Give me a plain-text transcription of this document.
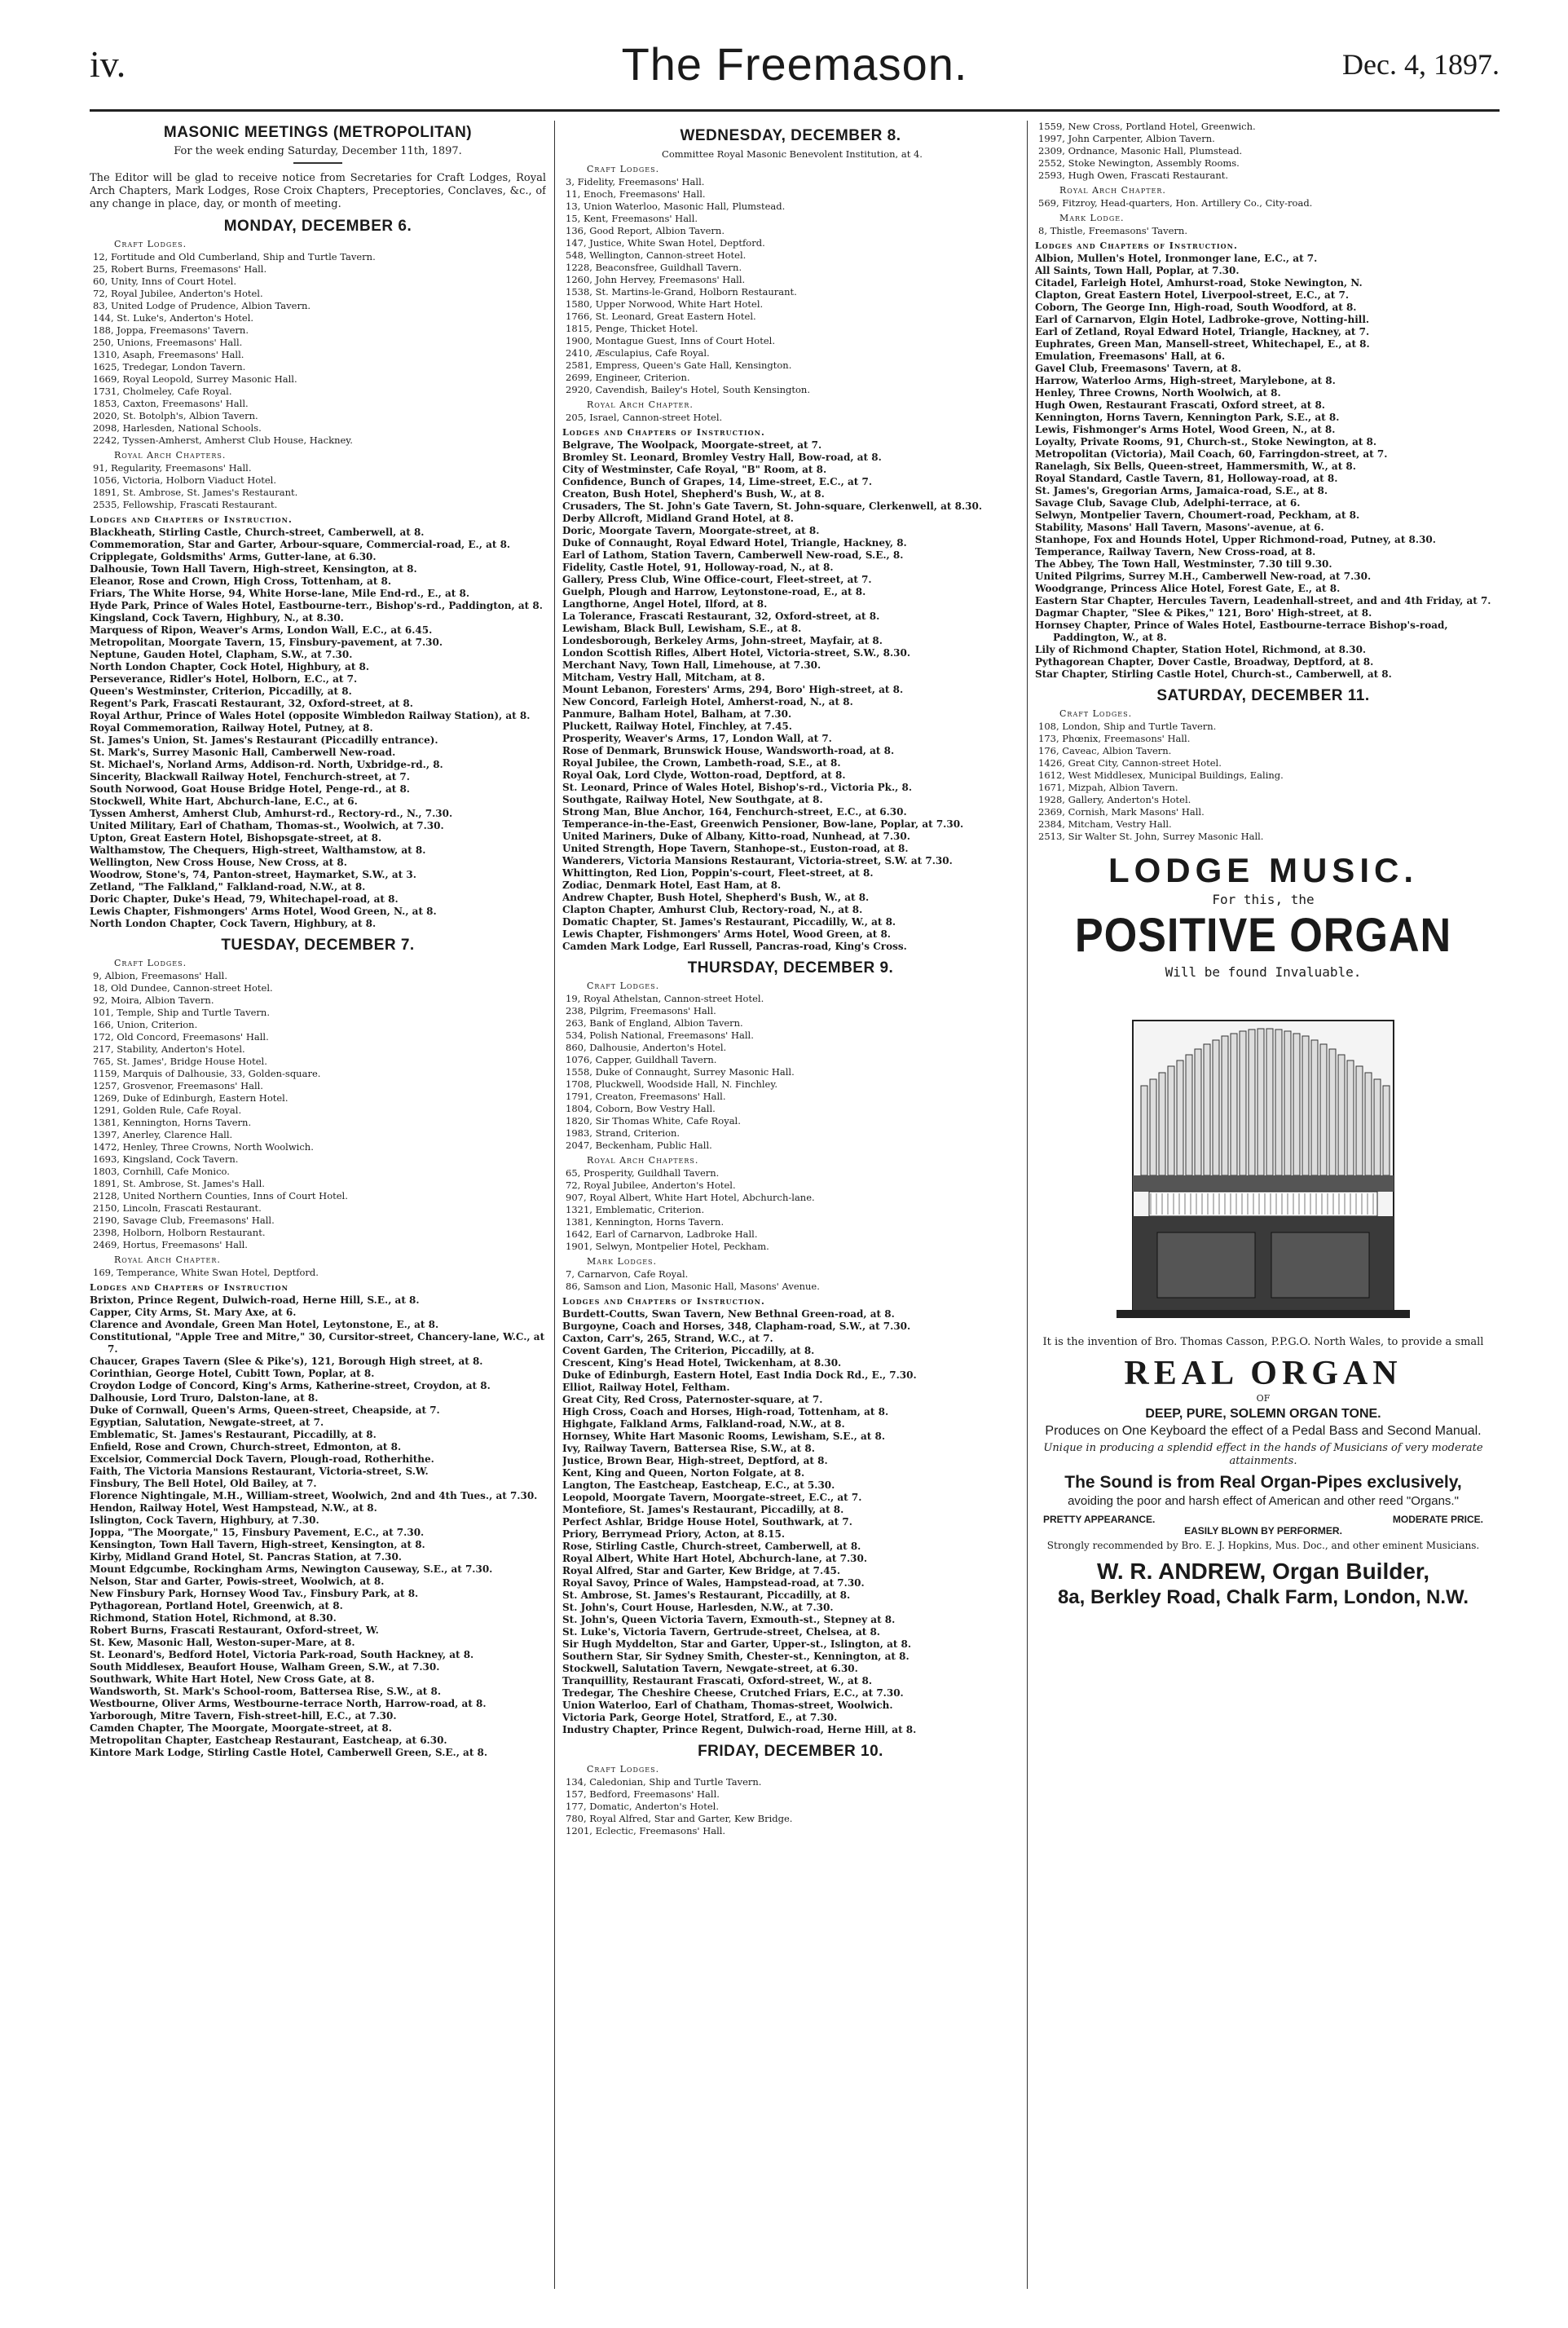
iv.	The Freemason.	Dec. 4, 1897.
MASONIC MEETINGS (METROPOLITAN)
For the week ending Saturday, December 11th, 1897.
The Editor will be glad to receive notice from Secretaries for Craft Lodges, Royal Arch Chapters, Mark Lodges, Rose Croix Chapters, Preceptories, Conclaves, &c., of any change in place, day, or month of meeting.
MONDAY, DECEMBER 6.
Craft Lodges.

12, Fortitude and Old Cumberland, Ship and Turtle Tavern.

25, Robert Burns, Freemasons' Hall.

60, Unity, Inns of Court Hotel.

72, Royal Jubilee, Anderton's Hotel.

83, United Lodge of Prudence, Albion Tavern.

144, St. Luke's, Anderton's Hotel.

188, Joppa, Freemasons' Tavern.

250, Unions, Freemasons' Hall.

1310, Asaph, Freemasons' Hall.

1625, Tredegar, London Tavern.

1669, Royal Leopold, Surrey Masonic Hall.

1731, Cholmeley, Cafe Royal.

1853, Caxton, Freemasons' Hall.

2020, St. Botolph's, Albion Tavern.

2098, Harlesden, National Schools.

2242, Tyssen-Amherst, Amherst Club House, Hackney.

Royal Arch Chapters.

91, Regularity, Freemasons' Hall.

1056, Victoria, Holborn Viaduct Hotel.

1891, St. Ambrose, St. James's Restaurant.

2535, Fellowship, Frascati Restaurant.

Lodges and Chapters of Instruction.

Blackheath, Stirling Castle, Church-street, Camberwell, at 8.

Commemoration, Star and Garter, Arbour-square, Commercial-road, E., at 8.

Cripplegate, Goldsmiths' Arms, Gutter-lane, at 6.30.

Dalhousie, Town Hall Tavern, High-street, Kensington, at 8.

Eleanor, Rose and Crown, High Cross, Tottenham, at 8.

Friars, The White Horse, 94, White Horse-lane, Mile End-rd., E., at 8.

Hyde Park, Prince of Wales Hotel, Eastbourne-terr., Bishop's-rd., Paddington, at 8.

Kingsland, Cock Tavern, Highbury, N., at 8.30.

Marquess of Ripon, Weaver's Arms, London Wall, E.C., at 6.45.

Metropolitan, Moorgate Tavern, 15, Finsbury-pavement, at 7.30.

Neptune, Gauden Hotel, Clapham, S.W., at 7.30.

North London Chapter, Cock Hotel, Highbury, at 8.

Perseverance, Ridler's Hotel, Holborn, E.C., at 7.

Queen's Westminster, Criterion, Piccadilly, at 8.

Regent's Park, Frascati Restaurant, 32, Oxford-street, at 8.

Royal Arthur, Prince of Wales Hotel (opposite Wimbledon Railway Station), at 8.

Royal Commemoration, Railway Hotel, Putney, at 8.

St. James's Union, St. James's Restaurant (Piccadilly entrance).

St. Mark's, Surrey Masonic Hall, Camberwell New-road.

St. Michael's, Norland Arms, Addison-rd. North, Uxbridge-rd., 8.

Sincerity, Blackwall Railway Hotel, Fenchurch-street, at 7.

South Norwood, Goat House Bridge Hotel, Penge-rd., at 8.

Stockwell, White Hart, Abchurch-lane, E.C., at 6.

Tyssen Amherst, Amherst Club, Amhurst-rd., Rectory-rd., N., 7.30.

United Military, Earl of Chatham, Thomas-st., Woolwich, at 7.30.

Upton, Great Eastern Hotel, Bishopsgate-street, at 8.

Walthamstow, The Chequers, High-street, Walthamstow, at 8.

Wellington, New Cross House, New Cross, at 8.

Woodrow, Stone's, 74, Panton-street, Haymarket, S.W., at 3.

Zetland, "The Falkland," Falkland-road, N.W., at 8.

Doric Chapter, Duke's Head, 79, Whitechapel-road, at 8.

Lewis Chapter, Fishmongers' Arms Hotel, Wood Green, N., at 8.

North London Chapter, Cock Tavern, Highbury, at 8.

TUESDAY, DECEMBER 7.
Craft Lodges.

9, Albion, Freemasons' Hall.

18, Old Dundee, Cannon-street Hotel.

92, Moira, Albion Tavern.

101, Temple, Ship and Turtle Tavern.

166, Union, Criterion.

172, Old Concord, Freemasons' Hall.

217, Stability, Anderton's Hotel.

765, St. James', Bridge House Hotel.

1159, Marquis of Dalhousie, 33, Golden-square.

1257, Grosvenor, Freemasons' Hall.

1269, Duke of Edinburgh, Eastern Hotel.

1291, Golden Rule, Cafe Royal.

1381, Kennington, Horns Tavern.

1397, Anerley, Clarence Hall.

1472, Henley, Three Crowns, North Woolwich.

1693, Kingsland, Cock Tavern.

1803, Cornhill, Cafe Monico.

1891, St. Ambrose, St. James's Hall.

2128, United Northern Counties, Inns of Court Hotel.

2150, Lincoln, Frascati Restaurant.

2190, Savage Club, Freemasons' Hall.

2398, Holborn, Holborn Restaurant.

2469, Hortus, Freemasons' Hall.

Royal Arch Chapter.

169, Temperance, White Swan Hotel, Deptford.

Lodges and Chapters of Instruction

Brixton, Prince Regent, Dulwich-road, Herne Hill, S.E., at 8.

Capper, City Arms, St. Mary Axe, at 6.

Clarence and Avondale, Green Man Hotel, Leytonstone, E., at 8.

Constitutional, "Apple Tree and Mitre," 30, Cursitor-street, Chancery-lane, W.C., at 7.

Chaucer, Grapes Tavern (Slee & Pike's), 121, Borough High street, at 8.

Corinthian, George Hotel, Cubitt Town, Poplar, at 8.

Croydon Lodge of Concord, King's Arms, Katherine-street, Croydon, at 8.

Dalhousie, Lord Truro, Dalston-lane, at 8.

Duke of Cornwall, Queen's Arms, Queen-street, Cheapside, at 7.

Egyptian, Salutation, Newgate-street, at 7.

Emblematic, St. James's Restaurant, Piccadilly, at 8.

Enfield, Rose and Crown, Church-street, Edmonton, at 8.

Excelsior, Commercial Dock Tavern, Plough-road, Rotherhithe.

Faith, The Victoria Mansions Restaurant, Victoria-street, S.W.

Finsbury, The Bell Hotel, Old Bailey, at 7.

Florence Nightingale, M.H., William-street, Woolwich, 2nd and 4th Tues., at 7.30.

Hendon, Railway Hotel, West Hampstead, N.W., at 8.

Islington, Cock Tavern, Highbury, at 7.30.

Joppa, "The Moorgate," 15, Finsbury Pavement, E.C., at 7.30.

Kensington, Town Hall Tavern, High-street, Kensington, at 8.

Kirby, Midland Grand Hotel, St. Pancras Station, at 7.30.

Mount Edgcumbe, Rockingham Arms, Newington Causeway, S.E., at 7.30.

Nelson, Star and Garter, Powis-street, Woolwich, at 8.

New Finsbury Park, Hornsey Wood Tav., Finsbury Park, at 8.

Pythagorean, Portland Hotel, Greenwich, at 8.

Richmond, Station Hotel, Richmond, at 8.30.

Robert Burns, Frascati Restaurant, Oxford-street, W.

St. Kew, Masonic Hall, Weston-super-Mare, at 8.

St. Leonard's, Bedford Hotel, Victoria Park-road, South Hackney, at 8.

South Middlesex, Beaufort House, Walham Green, S.W., at 7.30.

Southwark, White Hart Hotel, New Cross Gate, at 8.

Wandsworth, St. Mark's School-room, Battersea Rise, S.W., at 8.

Westbourne, Oliver Arms, Westbourne-terrace North, Harrow-road, at 8.

Yarborough, Mitre Tavern, Fish-street-hill, E.C., at 7.30.

Camden Chapter, The Moorgate, Moorgate-street, at 8.

Metropolitan Chapter, Eastcheap Restaurant, Eastcheap, at 6.30.

Kintore Mark Lodge, Stirling Castle Hotel, Camberwell Green, S.E., at 8.

WEDNESDAY, DECEMBER 8.
Committee Royal Masonic Benevolent Institution, at 4.
Craft Lodges.

3, Fidelity, Freemasons' Hall.

11, Enoch, Freemasons' Hall.

13, Union Waterloo, Masonic Hall, Plumstead.

15, Kent, Freemasons' Hall.

136, Good Report, Albion Tavern.

147, Justice, White Swan Hotel, Deptford.

548, Wellington, Cannon-street Hotel.

1228, Beaconsfree, Guildhall Tavern.

1260, John Hervey, Freemasons' Hall.

1538, St. Martins-le-Grand, Holborn Restaurant.

1580, Upper Norwood, White Hart Hotel.

1766, St. Leonard, Great Eastern Hotel.

1815, Penge, Thicket Hotel.

1900, Montague Guest, Inns of Court Hotel.

2410, Æsculapius, Cafe Royal.

2581, Empress, Queen's Gate Hall, Kensington.

2699, Engineer, Criterion.

2920, Cavendish, Bailey's Hotel, South Kensington.

Royal Arch Chapter.

205, Israel, Cannon-street Hotel.

Lodges and Chapters of Instruction.

Belgrave, The Woolpack, Moorgate-street, at 7.

Bromley St. Leonard, Bromley Vestry Hall, Bow-road, at 8.

City of Westminster, Cafe Royal, "B" Room, at 8.

Confidence, Bunch of Grapes, 14, Lime-street, E.C., at 7.

Creaton, Bush Hotel, Shepherd's Bush, W., at 8.

Crusaders, The St. John's Gate Tavern, St. John-square, Clerkenwell, at 8.30.

Derby Allcroft, Midland Grand Hotel, at 8.

Doric, Moorgate Tavern, Moorgate-street, at 8.

Duke of Connaught, Royal Edward Hotel, Triangle, Hackney, 8.

Earl of Lathom, Station Tavern, Camberwell New-road, S.E., 8.

Fidelity, Castle Hotel, 91, Holloway-road, N., at 8.

Gallery, Press Club, Wine Office-court, Fleet-street, at 7.

Guelph, Plough and Harrow, Leytonstone-road, E., at 8.

Langthorne, Angel Hotel, Ilford, at 8.

La Tolerance, Frascati Restaurant, 32, Oxford-street, at 8.

Lewisham, Black Bull, Lewisham, S.E., at 8.

Londesborough, Berkeley Arms, John-street, Mayfair, at 8.

London Scottish Rifles, Albert Hotel, Victoria-street, S.W., 8.30.

Merchant Navy, Town Hall, Limehouse, at 7.30.

Mitcham, Vestry Hall, Mitcham, at 8.

Mount Lebanon, Foresters' Arms, 294, Boro' High-street, at 8.

New Concord, Farleigh Hotel, Amherst-road, N., at 8.

Panmure, Balham Hotel, Balham, at 7.30.

Pluckett, Railway Hotel, Finchley, at 7.45.

Prosperity, Weaver's Arms, 17, London Wall, at 7.

Rose of Denmark, Brunswick House, Wandsworth-road, at 8.

Royal Jubilee, the Crown, Lambeth-road, S.E., at 8.

Royal Oak, Lord Clyde, Wotton-road, Deptford, at 8.

St. Leonard, Prince of Wales Hotel, Bishop's-rd., Victoria Pk., 8.

Southgate, Railway Hotel, New Southgate, at 8.

Strong Man, Blue Anchor, 164, Fenchurch-street, E.C., at 6.30.

Temperance-in-the-East, Greenwich Pensioner, Bow-lane, Poplar, at 7.30.

United Mariners, Duke of Albany, Kitto-road, Nunhead, at 7.30.

United Strength, Hope Tavern, Stanhope-st., Euston-road, at 8.

Wanderers, Victoria Mansions Restaurant, Victoria-street, S.W. at 7.30.

Whittington, Red Lion, Poppin's-court, Fleet-street, at 8.

Zodiac, Denmark Hotel, East Ham, at 8.

Andrew Chapter, Bush Hotel, Shepherd's Bush, W., at 8.

Clapton Chapter, Amhurst Club, Rectory-road, N., at 8.

Domatic Chapter, St. James's Restaurant, Piccadilly, W., at 8.

Lewis Chapter, Fishmongers' Arms Hotel, Wood Green, at 8.

Camden Mark Lodge, Earl Russell, Pancras-road, King's Cross.

THURSDAY, DECEMBER 9.
Craft Lodges.

19, Royal Athelstan, Cannon-street Hotel.

238, Pilgrim, Freemasons' Hall.

263, Bank of England, Albion Tavern.

534, Polish National, Freemasons' Hall.

860, Dalhousie, Anderton's Hotel.

1076, Capper, Guildhall Tavern.

1558, Duke of Connaught, Surrey Masonic Hall.

1708, Pluckwell, Woodside Hall, N. Finchley.

1791, Creaton, Freemasons' Hall.

1804, Coborn, Bow Vestry Hall.

1820, Sir Thomas White, Cafe Royal.

1983, Strand, Criterion.

2047, Beckenham, Public Hall.

Royal Arch Chapters.

65, Prosperity, Guildhall Tavern.

72, Royal Jubilee, Anderton's Hotel.

907, Royal Albert, White Hart Hotel, Abchurch-lane.

1321, Emblematic, Criterion.

1381, Kennington, Horns Tavern.

1642, Earl of Carnarvon, Ladbroke Hall.

1901, Selwyn, Montpelier Hotel, Peckham.

Mark Lodges.

7, Carnarvon, Cafe Royal.

86, Samson and Lion, Masonic Hall, Masons' Avenue.

Lodges and Chapters of Instruction.

Burdett-Coutts, Swan Tavern, New Bethnal Green-road, at 8.

Burgoyne, Coach and Horses, 348, Clapham-road, S.W., at 7.30.

Caxton, Carr's, 265, Strand, W.C., at 7.

Covent Garden, The Criterion, Piccadilly, at 8.

Crescent, King's Head Hotel, Twickenham, at 8.30.

Duke of Edinburgh, Eastern Hotel, East India Dock Rd., E., 7.30.

Elliot, Railway Hotel, Feltham.

Great City, Red Cross, Paternoster-square, at 7.

High Cross, Coach and Horses, High-road, Tottenham, at 8.

Highgate, Falkland Arms, Falkland-road, N.W., at 8.

Hornsey, White Hart Masonic Rooms, Lewisham, S.E., at 8.

Ivy, Railway Tavern, Battersea Rise, S.W., at 8.

Justice, Brown Bear, High-street, Deptford, at 8.

Kent, King and Queen, Norton Folgate, at 8.

Langton, The Eastcheap, Eastcheap, E.C., at 5.30.

Leopold, Moorgate Tavern, Moorgate-street, E.C., at 7.

Montefiore, St. James's Restaurant, Piccadilly, at 8.

Perfect Ashlar, Bridge House Hotel, Southwark, at 7.

Priory, Berrymead Priory, Acton, at 8.15.

Rose, Stirling Castle, Church-street, Camberwell, at 8.

Royal Albert, White Hart Hotel, Abchurch-lane, at 7.30.

Royal Alfred, Star and Garter, Kew Bridge, at 7.45.

Royal Savoy, Prince of Wales, Hampstead-road, at 7.30.

St. Ambrose, St. James's Restaurant, Piccadilly, at 8.

St. John's, Court House, Harlesden, N.W., at 7.30.

St. John's, Queen Victoria Tavern, Exmouth-st., Stepney at 8.

St. Luke's, Victoria Tavern, Gertrude-street, Chelsea, at 8.

Sir Hugh Myddelton, Star and Garter, Upper-st., Islington, at 8.

Southern Star, Sir Sydney Smith, Chester-st., Kennington, at 8.

Stockwell, Salutation Tavern, Newgate-street, at 6.30.

Tranquillity, Restaurant Frascati, Oxford-street, W., at 8.

Tredegar, The Cheshire Cheese, Crutched Friars, E.C., at 7.30.

Union Waterloo, Earl of Chatham, Thomas-street, Woolwich.

Victoria Park, George Hotel, Stratford, E., at 7.30.

Industry Chapter, Prince Regent, Dulwich-road, Herne Hill, at 8.

FRIDAY, DECEMBER 10.
Craft Lodges.

134, Caledonian, Ship and Turtle Tavern.

157, Bedford, Freemasons' Hall.

177, Domatic, Anderton's Hotel.

780, Royal Alfred, Star and Garter, Kew Bridge.

1201, Eclectic, Freemasons' Hall.

1559, New Cross, Portland Hotel, Greenwich.

1997, John Carpenter, Albion Tavern.

2309, Ordnance, Masonic Hall, Plumstead.

2552, Stoke Newington, Assembly Rooms.

2593, Hugh Owen, Frascati Restaurant.

Royal Arch Chapter.

569, Fitzroy, Head-quarters, Hon. Artillery Co., City-road.

Mark Lodge.

8, Thistle, Freemasons' Tavern.

Lodges and Chapters of Instruction.

Albion, Mullen's Hotel, Ironmonger lane, E.C., at 7.

All Saints, Town Hall, Poplar, at 7.30.

Citadel, Farleigh Hotel, Amhurst-road, Stoke Newington, N.

Clapton, Great Eastern Hotel, Liverpool-street, E.C., at 7.

Coborn, The George Inn, High-road, South Woodford, at 8.

Earl of Carnarvon, Elgin Hotel, Ladbroke-grove, Notting-hill.

Earl of Zetland, Royal Edward Hotel, Triangle, Hackney, at 7.

Euphrates, Green Man, Mansell-street, Whitechapel, E., at 8.

Emulation, Freemasons' Hall, at 6.

Gavel Club, Freemasons' Tavern, at 8.

Harrow, Waterloo Arms, High-street, Marylebone, at 8.

Henley, Three Crowns, North Woolwich, at 8.

Hugh Owen, Restaurant Frascati, Oxford street, at 8.

Kennington, Horns Tavern, Kennington Park, S.E., at 8.

Lewis, Fishmonger's Arms Hotel, Wood Green, N., at 8.

Loyalty, Private Rooms, 91, Church-st., Stoke Newington, at 8.

Metropolitan (Victoria), Mail Coach, 60, Farringdon-street, at 7.

Ranelagh, Six Bells, Queen-street, Hammersmith, W., at 8.

Royal Standard, Castle Tavern, 81, Holloway-road, at 8.

St. James's, Gregorian Arms, Jamaica-road, S.E., at 8.

Savage Club, Savage Club, Adelphi-terrace, at 6.

Selwyn, Montpelier Tavern, Choumert-road, Peckham, at 8.

Stability, Masons' Hall Tavern, Masons'-avenue, at 6.

Stanhope, Fox and Hounds Hotel, Upper Richmond-road, Putney, at 8.30.

Temperance, Railway Tavern, New Cross-road, at 8.

The Abbey, The Town Hall, Westminster, 7.30 till 9.30.

United Pilgrims, Surrey M.H., Camberwell New-road, at 7.30.

Woodgrange, Princess Alice Hotel, Forest Gate, E., at 8.

Eastern Star Chapter, Hercules Tavern, Leadenhall-street, and and 4th Friday, at 7.

Dagmar Chapter, "Slee & Pikes," 121, Boro' High-street, at 8.

Hornsey Chapter, Prince of Wales Hotel, Eastbourne-terrace Bishop's-road, Paddington, W., at 8.

Lily of Richmond Chapter, Station Hotel, Richmond, at 8.30.

Pythagorean Chapter, Dover Castle, Broadway, Deptford, at 8.

Star Chapter, Stirling Castle Hotel, Church-st., Camberwell, at 8.

SATURDAY, DECEMBER 11.
Craft Lodges.

108, London, Ship and Turtle Tavern.

173, Phœnix, Freemasons' Hall.

176, Caveac, Albion Tavern.

1426, Great City, Cannon-street Hotel.

1612, West Middlesex, Municipal Buildings, Ealing.

1671, Mizpah, Albion Tavern.

1928, Gallery, Anderton's Hotel.

2369, Cornish, Mark Masons' Hall.

2384, Mitcham, Vestry Hall.

2513, Sir Walter St. John, Surrey Masonic Hall.

LODGE MUSIC.
For this, the
POSITIVE ORGAN
Will be found Invaluable.
It is the invention of Bro. Thomas Casson, P.P.G.O. North Wales, to provide a small
REAL ORGAN
OF
DEEP, PURE, SOLEMN ORGAN TONE.
Produces on One Keyboard the effect of a Pedal Bass and Second Manual.
Unique in producing a splendid effect in the hands of Musicians of very moderate attainments.
The Sound is from Real Organ-Pipes exclusively,
avoiding the poor and harsh effect of American and other reed "Organs."
PRETTY APPEARANCE.	MODERATE PRICE.
EASILY BLOWN BY PERFORMER.
Strongly recommended by Bro. E. J. Hopkins, Mus. Doc., and other eminent Musicians.
W. R. ANDREW, Organ Builder,
8a, Berkley Road, Chalk Farm, London, N.W.
